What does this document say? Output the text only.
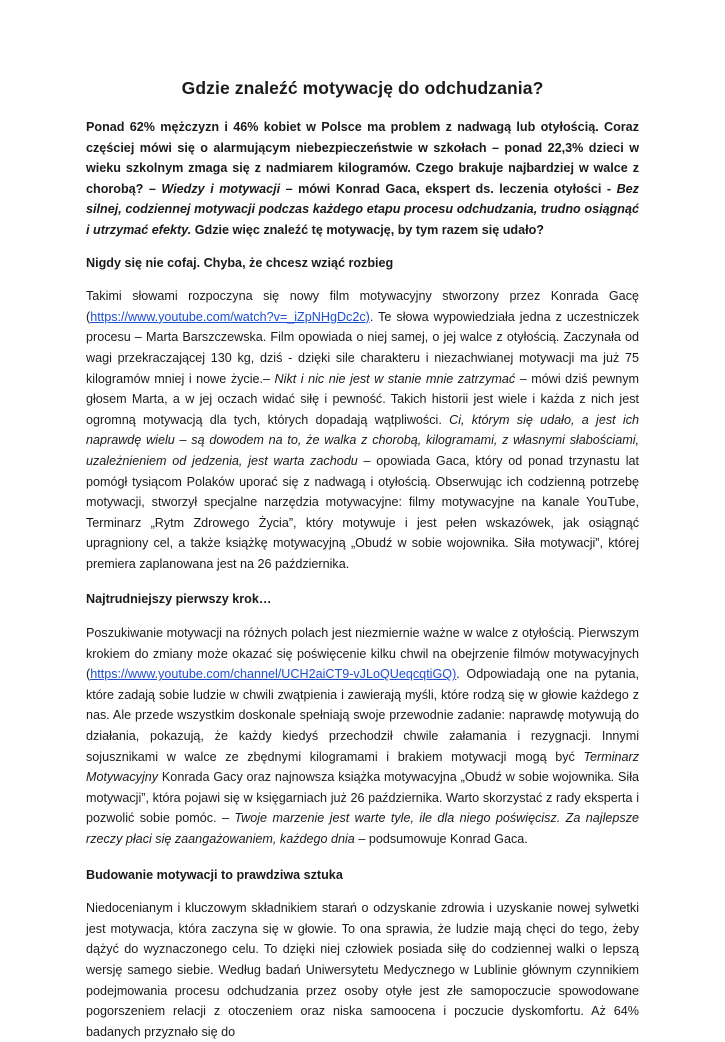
Gdzie znaleźć motywację do odchudzania?

Ponad 62% mężczyzn i 46% kobiet w Polsce ma problem z nadwagą lub otyłością. Coraz częściej mówi się o alarmującym niebezpieczeństwie w szkołach – ponad 22,3% dzieci w wieku szkolnym zmaga się z nadmiarem kilogramów. Czego brakuje najbardziej w walce z chorobą? – Wiedzy i motywacji – mówi Konrad Gaca, ekspert ds. leczenia otyłości - Bez silnej, codziennej motywacji podczas każdego etapu procesu odchudzania, trudno osiągnąć i utrzymać efekty. Gdzie więc znaleźć tę motywację, by tym razem się udało?

Nigdy się nie cofaj. Chyba, że chcesz wziąć rozbieg

Takimi słowami rozpoczyna się nowy film motywacyjny stworzony przez Konrada Gacę (https://www.youtube.com/watch?v=_iZpNHgDc2c). Te słowa wypowiedziała jedna z uczestniczek procesu – Marta Barszczewska. Film opowiada o niej samej, o jej walce z otyłością. Zaczynała od wagi przekraczającej 130 kg, dziś - dzięki sile charakteru i niezachwianej motywacji ma już 75 kilogramów mniej i nowe życie.– Nikt i nic nie jest w stanie mnie zatrzymać – mówi dziś pewnym głosem Marta, a w jej oczach widać siłę i pewność. Takich historii jest wiele i każda z nich jest ogromną motywacją dla tych, których dopadają wątpliwości. Ci, którym się udało, a jest ich naprawdę wielu – są dowodem na to, że walka z chorobą, kilogramami, z własnymi słabościami, uzależnieniem od jedzenia, jest warta zachodu – opowiada Gaca, który od ponad trzynastu lat pomógł tysiącom Polaków uporać się z nadwagą i otyłością. Obserwując ich codzienną potrzebę motywacji, stworzył specjalne narzędzia motywacyjne: filmy motywacyjne na kanale YouTube, Terminarz „Rytm Zdrowego Życia”, który motywuje i jest pełen wskazówek, jak osiągnąć upragniony cel, a także książkę motywacyjną „Obudź w sobie wojownika. Siła motywacji”, której premiera zaplanowana jest na 26 października.

Najtrudniejszy pierwszy krok…

Poszukiwanie motywacji na różnych polach jest niezmiernie ważne w walce z otyłością. Pierwszym krokiem do zmiany może okazać się poświęcenie kilku chwil na obejrzenie filmów motywacyjnych (https://www.youtube.com/channel/UCH2aiCT9-vJLoQUeqcqtiGQ). Odpowiadają one na pytania, które zadają sobie ludzie w chwili zwątpienia i zawierają myśli, które rodzą się w głowie każdego z nas. Ale przede wszystkim doskonale spełniają swoje przewodnie zadanie: naprawdę motywują do działania, pokazują, że każdy kiedyś przechodził chwile załamania i rezygnacji. Innymi sojusznikami w walce ze zbędnymi kilogramami i brakiem motywacji mogą być Terminarz Motywacyjny Konrada Gacy oraz najnowsza książka motywacyjna „Obudź w sobie wojownika. Siła motywacji”, która pojawi się w księgarniach już 26 października. Warto skorzystać z rady eksperta i pozwolić sobie pomóc. – Twoje marzenie jest warte tyle, ile dla niego poświęcisz. Za najlepsze rzeczy płaci się zaangażowaniem, każdego dnia – podsumowuje Konrad Gaca.

Budowanie motywacji to prawdziwa sztuka

Niedocenianym i kluczowym składnikiem starań o odzyskanie zdrowia i uzyskanie nowej sylwetki jest motywacja, która zaczyna się w głowie. To ona sprawia, że ludzie mają chęci do tego, żeby dążyć do wyznaczonego celu. To dzięki niej człowiek posiada siłę do codziennej walki o lepszą wersję samego siebie. Według badań Uniwersytetu Medycznego w Lublinie głównym czynnikiem podejmowania procesu odchudzania przez osoby otyłe jest złe samopoczucie spowodowane pogorszeniem relacji z otoczeniem oraz niska samoocena i poczucie dyskomfortu. Aż 64% badanych przyznało się do
